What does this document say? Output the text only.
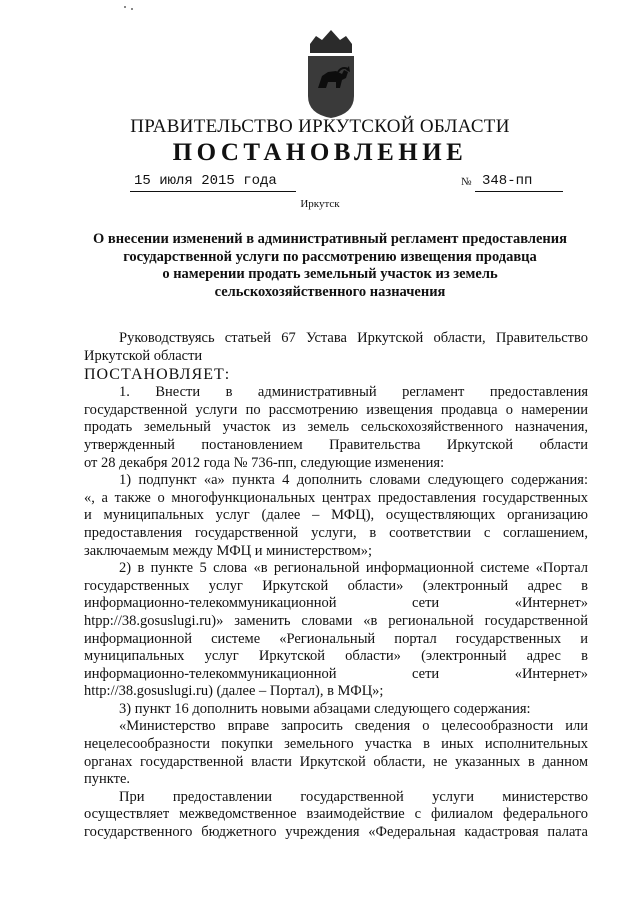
ПРАВИТЕЛЬСТВО ИРКУТСКОЙ ОБЛАСТИ
ПОСТАНОВЛЕНИЕ
15 июля 2015 года	№ 348-пп
Иркутск
О внесении изменений в административный регламент предоставления
государственной услуги по рассмотрению извещения продавца
о намерении продать земельный участок из земель
сельскохозяйственного назначения
Руководствуясь статьей 67 Устава Иркутской области, Правительство
Иркутской области
ПОСТАНОВЛЯЕТ:
1. Внести в административный регламент предоставления
государственной услуги по рассмотрению извещения продавца о намерении
продать земельный участок из земель сельскохозяйственного назначения,
утвержденный постановлением Правительства Иркутской области
от 28 декабря 2012 года № 736-пп, следующие изменения:
1) подпункт «а» пункта 4 дополнить словами следующего содержания:
«, а также о многофункциональных центрах предоставления государственных
и муниципальных услуг (далее – МФЦ), осуществляющих организацию
предоставления государственной услуги, в соответствии с соглашением,
заключаемым между МФЦ и министерством»;
2) в пункте 5 слова «в региональной информационной системе «Портал
государственных услуг Иркутской области» (электронный адрес в
информационно-телекоммуникационной сети «Интернет»
htpp://38.gosuslugi.ru)» заменить словами «в региональной государственной
информационной системе «Региональный портал государственных и
муниципальных услуг Иркутской области» (электронный адрес в
информационно-телекоммуникационной сети «Интернет»
http://38.gosuslugi.ru) (далее – Портал), в МФЦ»;
3) пункт 16 дополнить новыми абзацами следующего содержания:
«Министерство вправе запросить сведения о целесообразности или
нецелесообразности покупки земельного участка в иных исполнительных
органах государственной власти Иркутской области, не указанных в данном
пункте.
При предоставлении государственной услуги министерство
осуществляет межведомственное взаимодействие с филиалом федерального
государственного бюджетного учреждения «Федеральная кадастровая палата
